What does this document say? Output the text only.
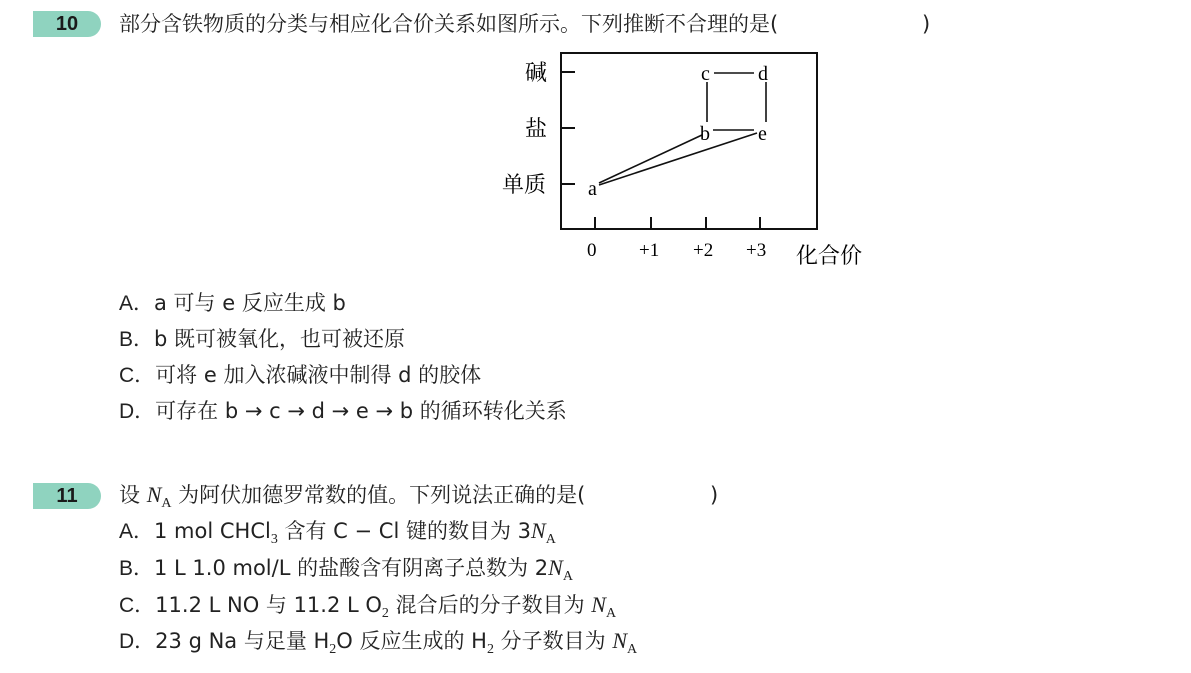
10	部分含铁物质的分类与相应化合价关系如图所示。下列推断不合理的是(	)
碱
盐
单质
0 +1 +2 +3 化合价
c d
b e
a
A．a 可与 e 反应生成 b
B．b 既可被氧化，也可被还原
C．可将 e 加入浓碱液中制得 d 的胶体
D．可存在 b → c → d → e → b 的循环转化关系
11	设 $N_A$ 为阿伏加德罗常数的值。下列说法正确的是(	)
A．1 mol CHCl$_3$ 含有 C − Cl 键的数目为 $3N_A$
B．1 L 1.0 mol/L 的盐酸含有阴离子总数为 $2N_A$
C．11.2 L NO 与 11.2 L $O_2$ 混合后的分子数目为 $N_A$
D．23 g Na 与足量 $H_2O$ 反应生成的 $H_2$ 分子数目为 $N_A$
